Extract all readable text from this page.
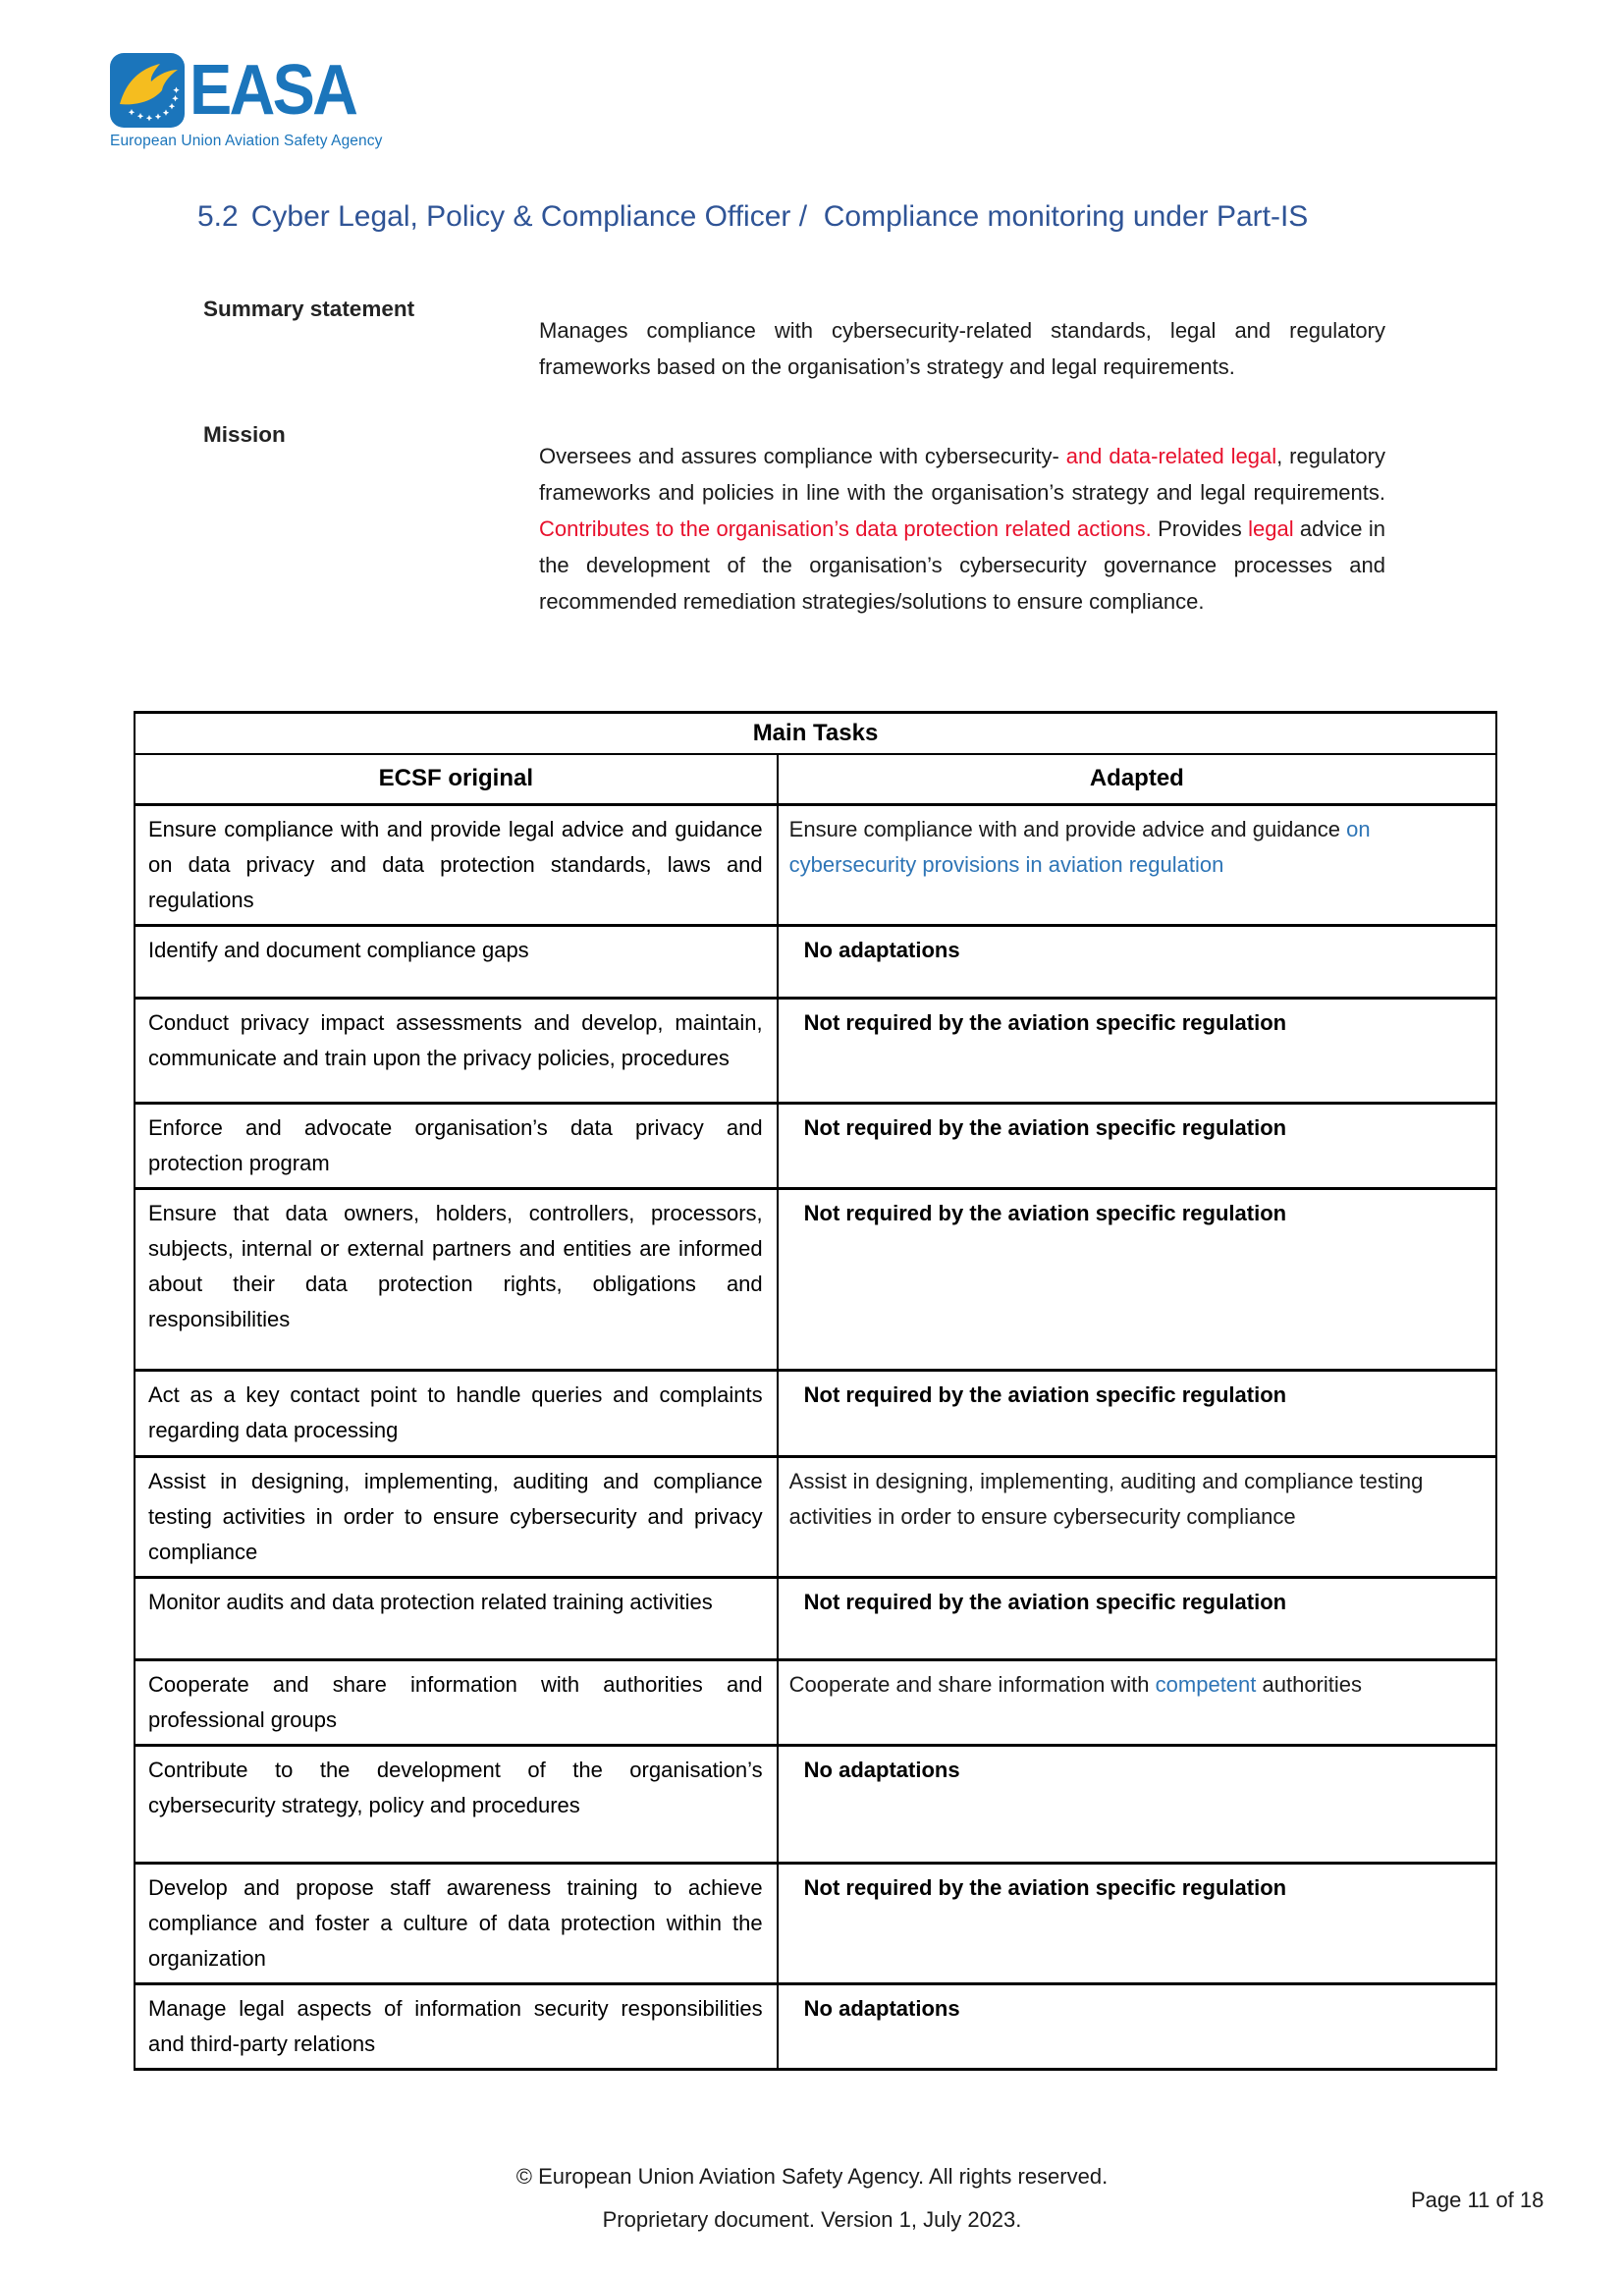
EASA
European Union Aviation Safety Agency
5.2 Cyber Legal, Policy & Compliance Officer /  Compliance monitoring under Part-IS
Summary statement
Manages compliance with cybersecurity-related standards, legal and regulatory frameworks based on the organisation’s strategy and legal requirements.
Mission
Oversees and assures compliance with cybersecurity- and data-related legal, regulatory frameworks and policies in line with the organisation’s strategy and legal requirements. Contributes to the organisation’s data protection related actions. Provides legal advice in the development of the organisation’s cybersecurity governance processes and recommended remediation strategies/solutions to ensure compliance.
Main Tasks	
ECSF original	Adapted
Ensure compliance with and provide legal advice and guidance on data privacy and data protection standards, laws and regulations	Ensure compliance with and provide advice and guidance on cybersecurity provisions in aviation regulation
Identify and document compliance gaps	No adaptations
Conduct privacy impact assessments and develop, maintain, communicate and train upon the privacy policies, procedures	Not required by the aviation specific regulation
Enforce and advocate organisation’s data privacy and protection program	Not required by the aviation specific regulation
Ensure that data owners, holders, controllers, processors, subjects, internal or external partners and entities are informed about their data protection rights, obligations and responsibilities	Not required by the aviation specific regulation
Act as a key contact point to handle queries and complaints regarding data processing	Not required by the aviation specific regulation
Assist in designing, implementing, auditing and compliance testing activities in order to ensure cybersecurity and privacy compliance	Assist in designing, implementing, auditing and compliance testing activities in order to ensure cybersecurity compliance
Monitor audits and data protection related training activities	Not required by the aviation specific regulation
Cooperate and share information with authorities and professional groups	Cooperate and share information with competent authorities
Contribute to the development of the organisation’s cybersecurity strategy, policy and procedures	No adaptations
Develop and propose staff awareness training to achieve compliance and foster a culture of data protection within the organization	Not required by the aviation specific regulation
Manage legal aspects of information security responsibilities and third-party relations	No adaptations
© European Union Aviation Safety Agency. All rights reserved.
Proprietary document. Version 1, July 2023.
Page 11 of 18
